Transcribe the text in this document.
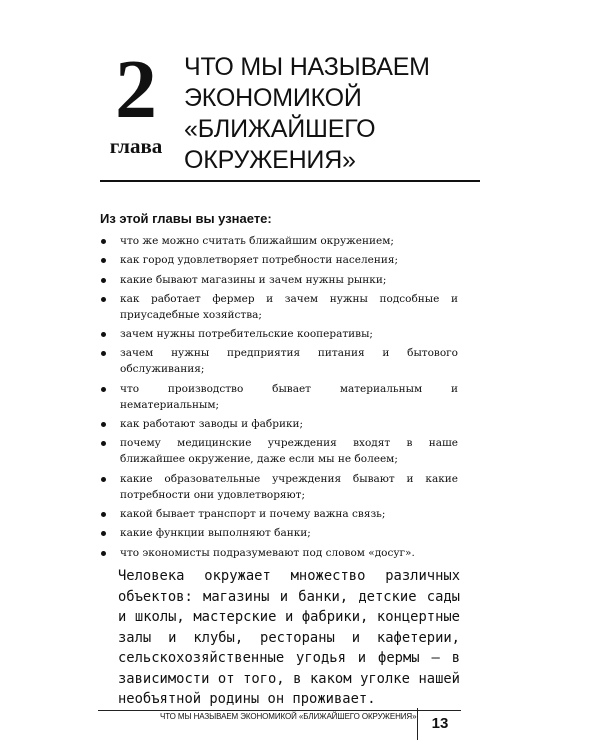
2
глава
ЧТО МЫ НАЗЫВАЕМ
ЭКОНОМИКОЙ
«БЛИЖАЙШЕГО
ОКРУЖЕНИЯ»
Из этой главы вы узнаете:
что же можно считать ближайшим окружением;
как город удовлетворяет потребности населения;
какие бывают магазины и зачем нужны рынки;
как работает фермер и зачем нужны подсобные и приусадебные хозяйства;
зачем нужны потребительские кооперативы;
зачем нужны предприятия питания и бытового обслуживания;
что производство бывает материальным и нематериальным;
как работают заводы и фабрики;
почему медицинские учреждения входят в наше ближайшее окружение, даже если мы не болеем;
какие образовательные учреждения бывают и какие потребности они удовлетворяют;
какой бывает транспорт и почему важна связь;
какие функции выполняют банки;
что экономисты подразумевают под словом «досуг».

Человека окружает множество различных объектов: магазины и банки, детские сады и школы, мастерские и фабрики, концертные залы и клубы, рестораны и кафетерии, сельскохозяйственные угодья и фермы — в зависимости от того, в каком уголке нашей необъятной родины он проживает.

ЧТО МЫ НАЗЫВАЕМ ЭКОНОМИКОЙ «БЛИЖАЙШЕГО ОКРУЖЕНИЯ»	13
